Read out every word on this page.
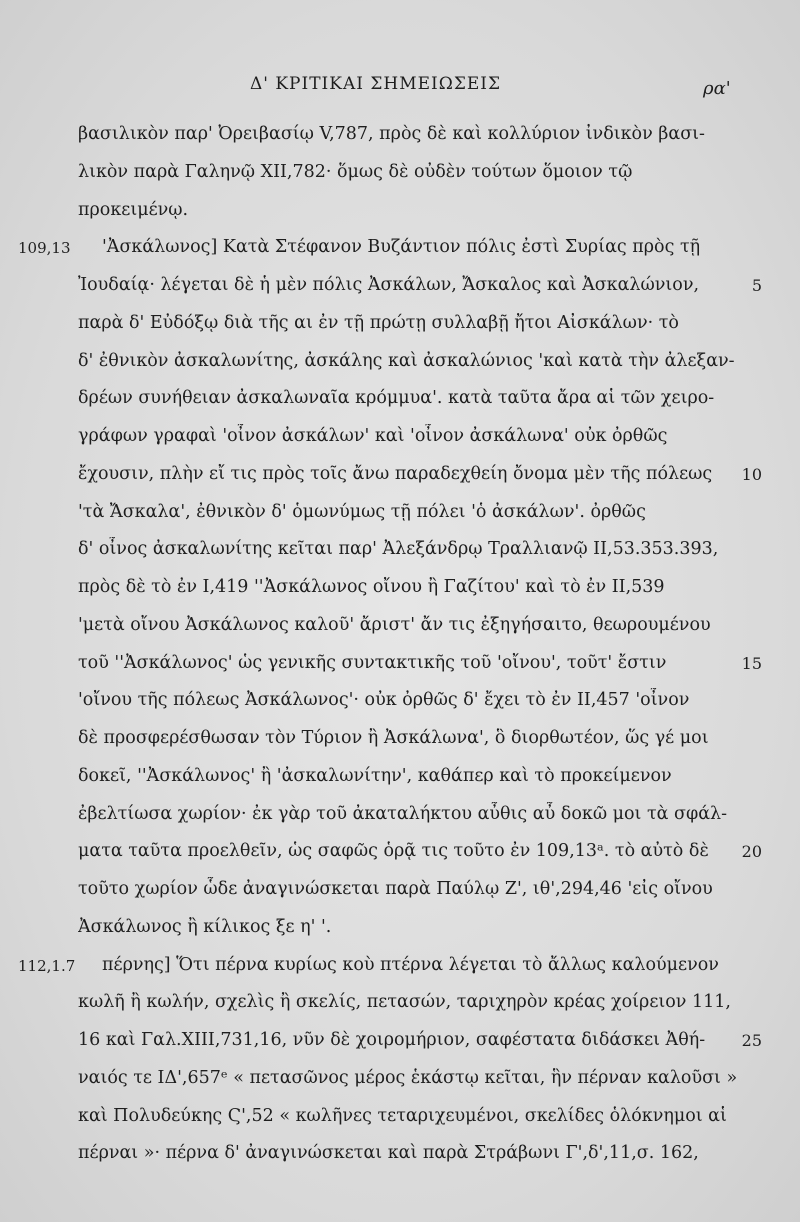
Δ' ΚΡΙΤΙΚΑΙ ΣΗΜΕΙΩΣΕΙΣ	ρα'
βασιλικὸν παρ' Ὀρειβασίῳ V,787, πρὸς δὲ καὶ κολλύριον ἰνδικὸν βασι-
λικὸν παρὰ Γαληνῷ XII,782· ὅμως δὲ οὐδὲν τούτων ὅμοιον τῷ
προκειμένῳ.
109,13 'Ἀσκάλωνος] Κατὰ Στέφανον Βυζάντιον πόλις ἐστὶ Συρίας πρὸς τῇ
Ἰουδαίᾳ· λέγεται δὲ ἡ μὲν πόλις Ἀσκάλων, Ἄσκαλος καὶ Ἀσκαλώνιον,	5
παρὰ δ' Εὐδόξῳ διὰ τῆς αι ἐν τῇ πρώτῃ συλλαβῇ ἤτοι Αἰσκάλων· τὸ
δ' ἐθνικὸν ἀσκαλωνίτης, ἀσκάλης καὶ ἀσκαλώνιος 'καὶ κατὰ τὴν ἀλεξαν-
δρέων συνήθειαν ἀσκαλωναῖα κρόμμυα'. κατὰ ταῦτα ἄρα αἱ τῶν χειρο-
γράφων γραφαὶ 'οἶνον ἀσκάλων' καὶ 'οἶνον ἀσκάλωνα' οὐκ ὀρθῶς
ἔχουσιν, πλὴν εἴ τις πρὸς τοῖς ἄνω παραδεχθείη ὄνομα μὲν τῆς πόλεως	10
'τὰ Ἄσκαλα', ἐθνικὸν δ' ὁμωνύμως τῇ πόλει 'ὁ ἀσκάλων'. ὀρθῶς
δ' οἶνος ἀσκαλωνίτης κεῖται παρ' Ἀλεξάνδρῳ Τραλλιανῷ II,53.353.393,
πρὸς δὲ τὸ ἐν I,419 ''Ἀσκάλωνος οἴνου ἢ Γαζίτου' καὶ τὸ ἐν II,539
'μετὰ οἴνου Ἀσκάλωνος καλοῦ' ἄριστ' ἄν τις ἐξηγήσαιτο, θεωρουμένου
τοῦ ''Ἀσκάλωνος' ὡς γενικῆς συντακτικῆς τοῦ 'οἴνου', τοῦτ' ἔστιν	15
'οἴνου τῆς πόλεως Ἀσκάλωνος'· οὐκ ὀρθῶς δ' ἔχει τὸ ἐν II,457 'οἶνον
δὲ προσφερέσθωσαν τὸν Τύριον ἢ Ἀσκάλωνα', ὃ διορθωτέον, ὥς γέ μοι
δοκεῖ, ''Ἀσκάλωνος' ἢ 'ἀσκαλωνίτην', καθάπερ καὶ τὸ προκείμενον
ἐβελτίωσα χωρίον· ἐκ γὰρ τοῦ ἀκαταλήκτου αὖθις αὖ δοκῶ μοι τὰ σφάλ-
ματα ταῦτα προελθεῖν, ὡς σαφῶς ὁρᾷ τις τοῦτο ἐν 109,13ᵃ. τὸ αὐτὸ δὲ	20
τοῦτο χωρίον ὧδε ἀναγινώσκεται παρὰ Παύλῳ Z', ιθ',294,46 'εἰς οἴνου
Ἀσκάλωνος ἢ κίλικος ξε η' '.
112,1.7 πέρνης] Ὅτι πέρνα κυρίως κοὺ πτέρνα λέγεται τὸ ἄλλως καλούμενον
κωλῆ ἢ κωλήν, σχελὶς ἢ σκελίς, πετασών, ταριχηρὸν κρέας χοίρειον 111,
16 καὶ Γαλ.XIII,731,16, νῦν δὲ χοιρομήριον, σαφέστατα διδάσκει Ἀθή-	25
ναιός τε ΙΔ',657ᵉ « πετασῶνος μέρος ἑκάστῳ κεῖται, ἣν πέρναν καλοῦσι »
καὶ Πολυδεύκης Ϛ',52 « κωλῆνες τεταριχευμένοι, σκελίδες ὁλόκνημοι αἱ
πέρναι »· πέρνα δ' ἀναγινώσκεται καὶ παρὰ Στράβωνι Γ',δ',11,σ. 162,
